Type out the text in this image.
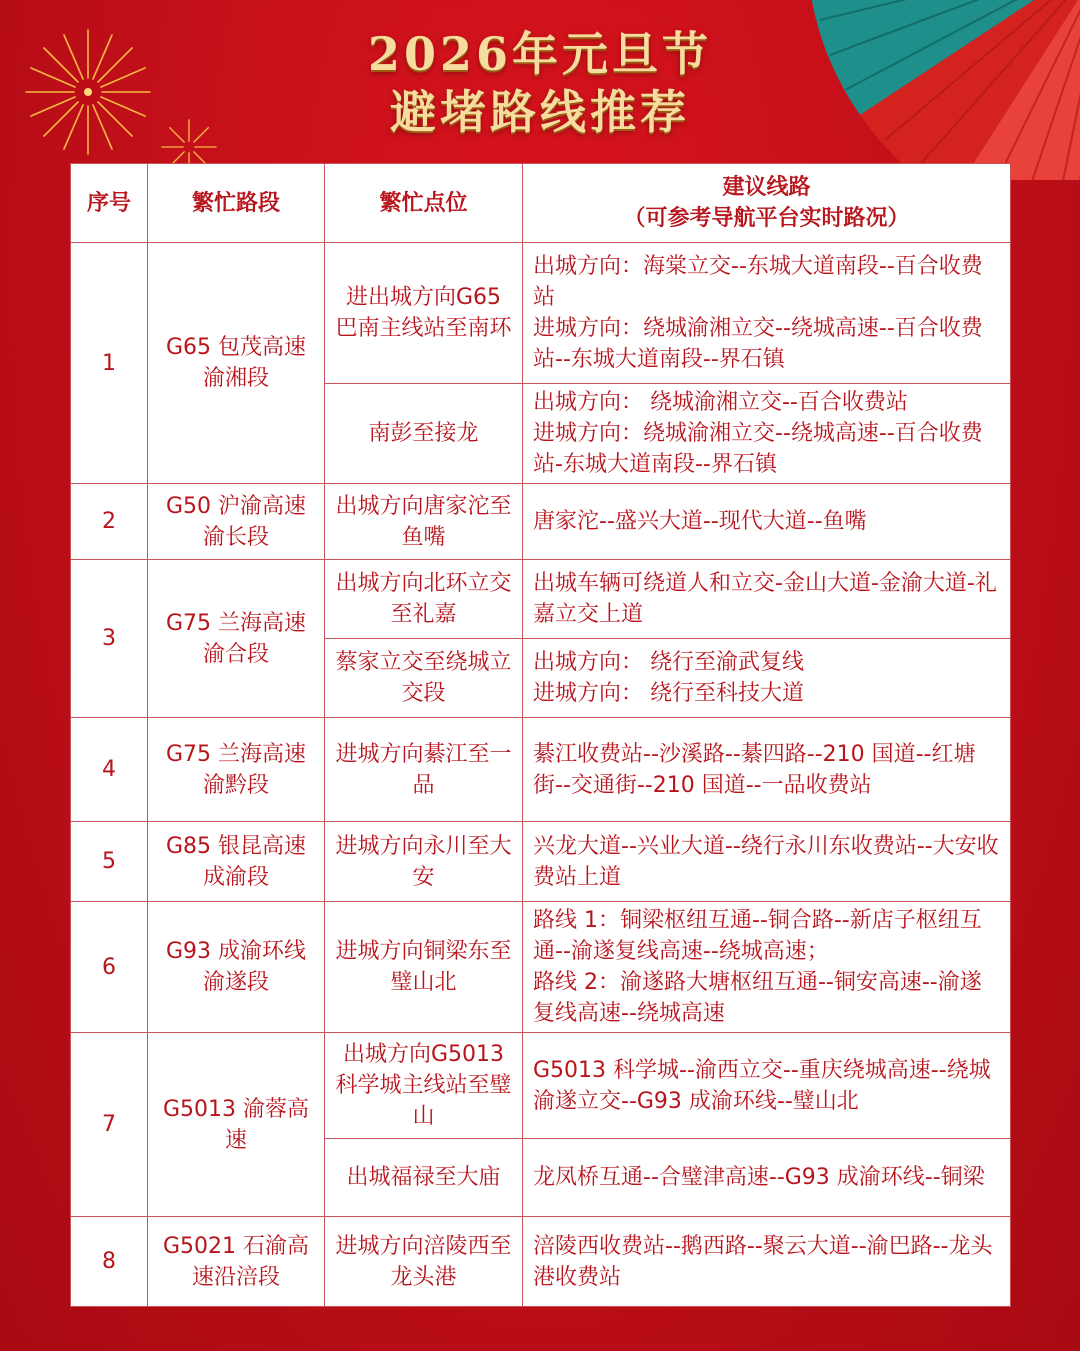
2026年元旦节
避堵路线推荐
序号	繁忙路段	繁忙点位	建议线路
（可参考导航平台实时路况）

1	G65 包茂高速渝湘段	进出城方向G65 巴南主线站至南环	出城方向：海棠立交--东城大道南段--百合收费站
进城方向：绕城渝湘立交--绕城高速--百合收费站--东城大道南段--界石镇

		南彭至接龙	出城方向： 绕城渝湘立交--百合收费站
进城方向：绕城渝湘立交--绕城高速--百合收费站-东城大道南段--界石镇

2	G50 沪渝高速渝长段	出城方向唐家沱至鱼嘴	唐家沱--盛兴大道--现代大道--鱼嘴

3	G75 兰海高速渝合段	出城方向北环立交至礼嘉	出城车辆可绕道人和立交-金山大道-金渝大道-礼嘉立交上道

		蔡家立交至绕城立交段	出城方向： 绕行至渝武复线
进城方向： 绕行至科技大道

4	G75 兰海高速渝黔段	进城方向綦江至一品	綦江收费站--沙溪路--綦四路--210 国道--红塘街--交通街--210 国道--一品收费站

5	G85 银昆高速成渝段	进城方向永川至大安	兴龙大道--兴业大道--绕行永川东收费站--大安收费站上道

6	G93 成渝环线渝遂段	进城方向铜梁东至璧山北	路线 1：铜梁枢纽互通--铜合路--新店子枢纽互通--渝遂复线高速--绕城高速；
路线 2：渝遂路大塘枢纽互通--铜安高速--渝遂复线高速--绕城高速

7	G5013 渝蓉高速	出城方向G5013 科学城主线站至璧山	G5013 科学城--渝西立交--重庆绕城高速--绕城渝遂立交--G93 成渝环线--璧山北

		出城福禄至大庙	龙凤桥互通--合璧津高速--G93 成渝环线--铜梁

8	G5021 石渝高速沿涪段	进城方向涪陵西至龙头港	涪陵西收费站--鹅西路--聚云大道--渝巴路--龙头港收费站
